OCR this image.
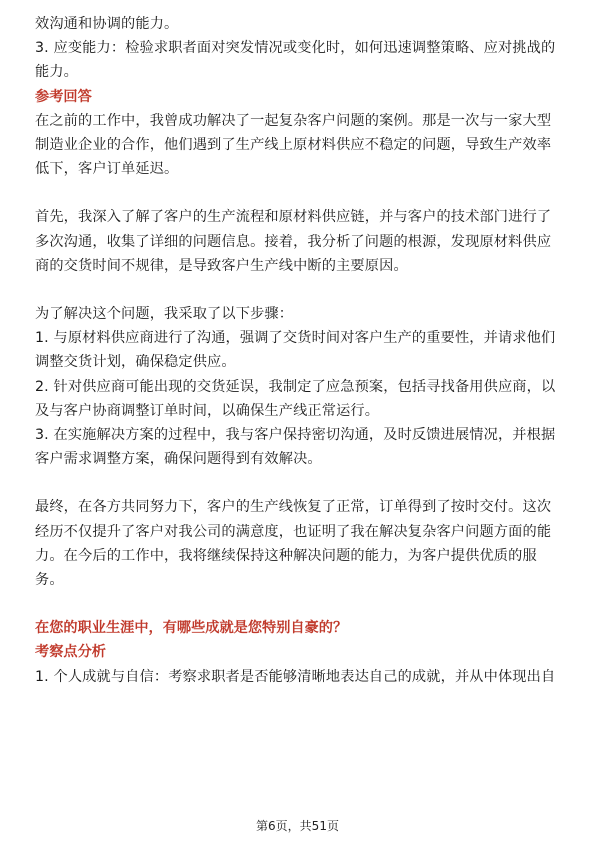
效沟通和协调的能力。

3. 应变能力：检验求职者面对突发情况或变化时，如何迅速调整策略、应对挑战的能力。

参考回答

在之前的工作中，我曾成功解决了一起复杂客户问题的案例。那是一次与一家大型制造业企业的合作，他们遇到了生产线上原材料供应不稳定的问题，导致生产效率低下，客户订单延迟。

首先，我深入了解了客户的生产流程和原材料供应链，并与客户的技术部门进行了多次沟通，收集了详细的问题信息。接着，我分析了问题的根源，发现原材料供应商的交货时间不规律，是导致客户生产线中断的主要原因。

为了解决这个问题，我采取了以下步骤：

1. 与原材料供应商进行了沟通，强调了交货时间对客户生产的重要性，并请求他们调整交货计划，确保稳定供应。

2. 针对供应商可能出现的交货延误，我制定了应急预案，包括寻找备用供应商，以及与客户协商调整订单时间，以确保生产线正常运行。

3. 在实施解决方案的过程中，我与客户保持密切沟通，及时反馈进展情况，并根据客户需求调整方案，确保问题得到有效解决。

最终，在各方共同努力下，客户的生产线恢复了正常，订单得到了按时交付。这次经历不仅提升了客户对我公司的满意度，也证明了我在解决复杂客户问题方面的能力。在今后的工作中，我将继续保持这种解决问题的能力，为客户提供优质的服务。

在您的职业生涯中，有哪些成就是您特别自豪的？

考察点分析

1. 个人成就与自信：考察求职者是否能够清晰地表达自己的成就，并从中体现出自

第6页，共51页
